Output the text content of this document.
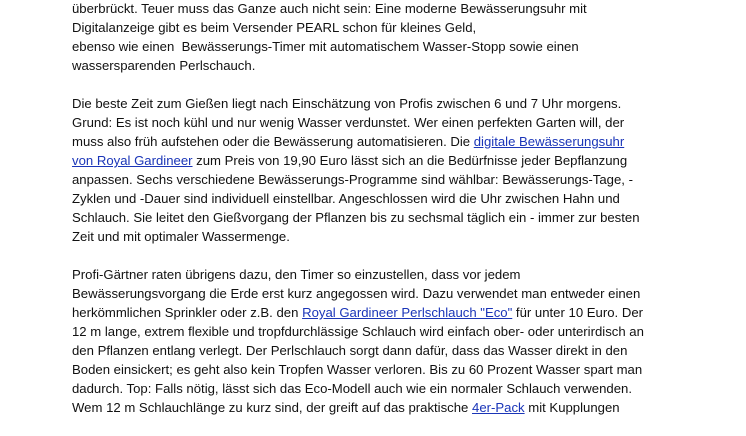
überbrückt. Teuer muss das Ganze auch nicht sein: Eine moderne Bewässerungsuhr mit
Digitalanzeige gibt es beim Versender PEARL schon für kleines Geld,
ebenso wie einen  Bewässerungs-Timer mit automatischem Wasser-Stopp sowie einen
wassersparenden Perlschauch.
Die beste Zeit zum Gießen liegt nach Einschätzung von Profis zwischen 6 und 7 Uhr morgens.
Grund: Es ist noch kühl und nur wenig Wasser verdunstet. Wer einen perfekten Garten will, der
muss also früh aufstehen oder die Bewässerung automatisieren. Die digitale Bewässerungsuhr
von Royal Gardineer zum Preis von 19,90 Euro lässt sich an die Bedürfnisse jeder Bepflanzung
anpassen. Sechs verschiedene Bewässerungs-Programme sind wählbar: Bewässerungs-Tage, -
Zyklen und -Dauer sind individuell einstellbar. Angeschlossen wird die Uhr zwischen Hahn und
Schlauch. Sie leitet den Gießvorgang der Pflanzen bis zu sechsmal täglich ein - immer zur besten
Zeit und mit optimaler Wassermenge.
Profi-Gärtner raten übrigens dazu, den Timer so einzustellen, dass vor jedem
Bewässerungsvorgang die Erde erst kurz angegossen wird. Dazu verwendet man entweder einen
herkömmlichen Sprinkler oder z.B. den Royal Gardineer Perlschlauch "Eco" für unter 10 Euro. Der
12 m lange, extrem flexible und tropfdurchlässige Schlauch wird einfach ober- oder unterirdisch an
den Pflanzen entlang verlegt. Der Perlschlauch sorgt dann dafür, dass das Wasser direkt in den
Boden einsickert; es geht also kein Tropfen Wasser verloren. Bis zu 60 Prozent Wasser spart man
dadurch. Top: Falls nötig, lässt sich das Eco-Modell auch wie ein normaler Schlauch verwenden.
Wem 12 m Schlauchlänge zu kurz sind, der greift auf das praktische 4er-Pack mit Kupplungen
